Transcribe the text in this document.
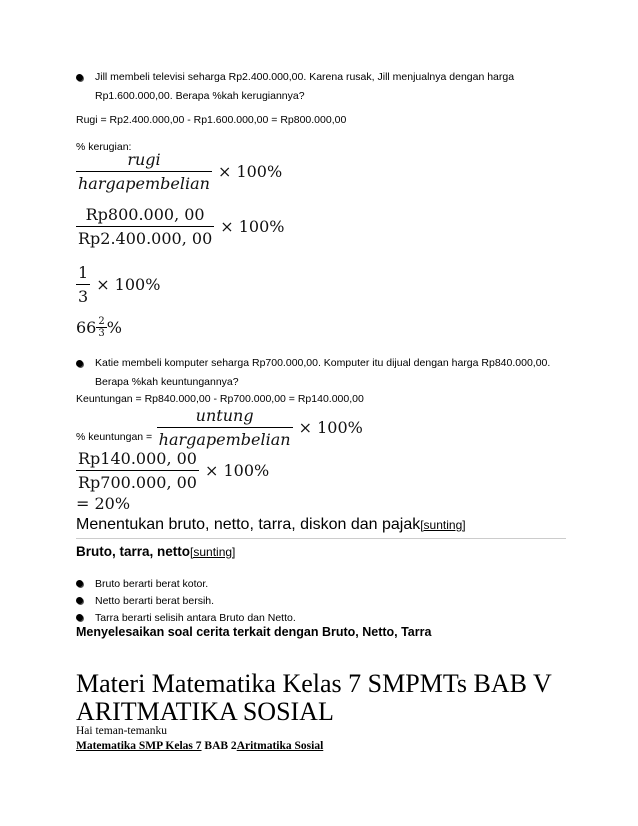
Jill membeli televisi seharga Rp2.400.000,00. Karena rusak, Jill menjualnya dengan harga
Rp1.600.000,00. Berapa %kah kerugiannya?
Rugi = Rp2.400.000,00 - Rp1.600.000,00 = Rp800.000,00
% kerugian:
$\frac{\text{rugi}}{\text{hargapembelian}} \times 100\%$
$\frac{Rp800.000, 00}{Rp2.400.000, 00} \times 100\%$
$\frac{1}{3} \times 100\%$
$66 \frac{2}{3}$ %
Katie membeli komputer seharga Rp700.000,00. Komputer itu dijual dengan harga Rp840.000,00.
Berapa %kah keuntungannya?
Keuntungan = Rp840.000,00 - Rp700.000,00 = Rp140.000,00
% keuntungan = $\frac{\text{untung}}{\text{hargapembelian}} \times 100\%$
$\frac{Rp140.000, 00}{Rp700.000, 00} \times 100\%$
= 20%
Menentukan bruto, netto, tarra, diskon dan pajak[sunting]
Bruto, tarra, netto[sunting]
Bruto berarti berat kotor.
Netto berarti berat bersih.
Tarra berarti selisih antara Bruto dan Netto.
Menyelesaikan soal cerita terkait dengan Bruto, Netto, Tarra
Materi Matematika Kelas 7 SMPMTs BAB V
ARITMATIKA SOSIAL
Hai teman-temanku
Matematika SMP Kelas 7 BAB 2Aritmatika Sosial
